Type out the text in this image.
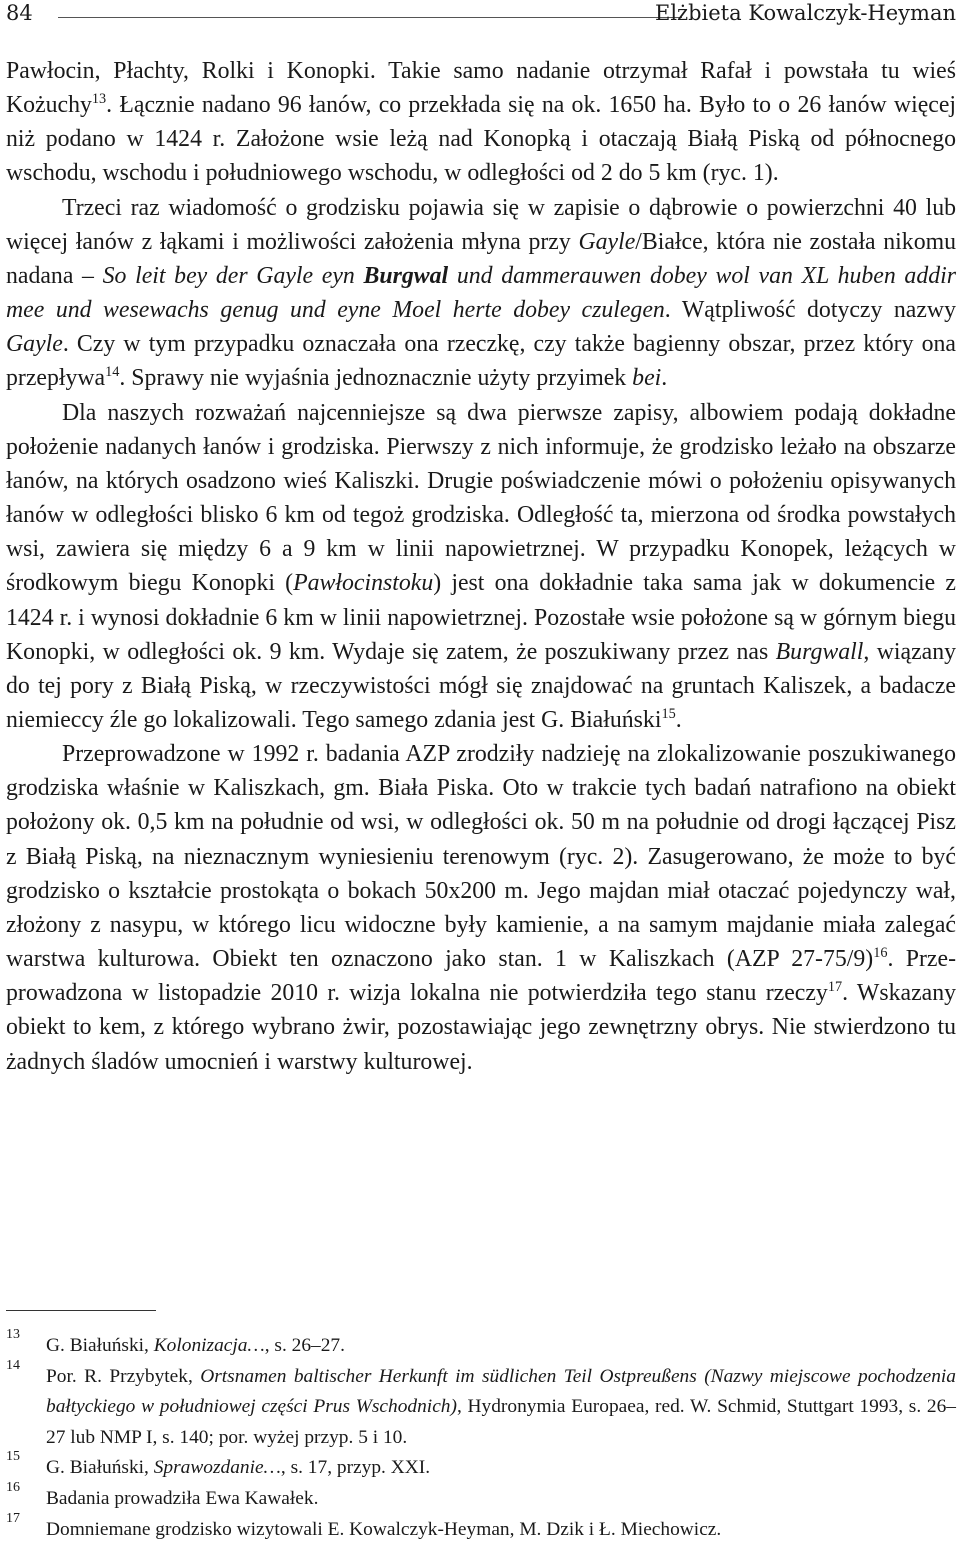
84	Elżbieta Kowalczyk-Heyman

Pawłocin, Płachty, Rolki i Konopki. Takie samo nadanie otrzymał Rafał i powstała tu wieś Kożuchy$^{13}$. Łącznie nadano 96 łanów, co przekłada się na ok. 1650 ha. Było to o 26 łanów więcej niż podano w 1424 r. Założone wsie leżą nad Konopką i otaczają Białą Piską od północnego wschodu, wschodu i południowego wschodu, w odległości od 2 do 5 km (ryc. 1).

Trzeci raz wiadomość o grodzisku pojawia się w zapisie o dąbrowie o powierzchni 40 lub więcej łanów z łąkami i możliwości założenia młyna przy Gayle/Białce, która nie została nikomu nadana – So leit bey der Gayle eyn Burgwal und dammerauwen dobey wol van XL huben addir mee und wesewachs genug und eyne Moel herte dobey czulegen. Wątpliwość dotyczy nazwy Gayle. Czy w tym przypadku oznaczała ona rzeczkę, czy także bagienny obszar, przez który ona przepływa$^{14}$. Sprawy nie wyjaśnia jednoznacznie użyty przyimek bei.

Dla naszych rozważań najcenniejsze są dwa pierwsze zapisy, albowiem podają dokładne położenie nadanych łanów i grodziska. Pierwszy z nich informuje, że grodzisko leżało na obszarze łanów, na których osadzono wieś Kaliszki. Drugie poświadczenie mówi o położeniu opisywanych łanów w odległości blisko 6 km od tegoż grodziska. Odległość ta, mierzona od środka powstałych wsi, zawiera się między 6 a 9 km w linii napowietrznej. W przypadku Konopek, leżących w środkowym biegu Konopki (Pawłocinstoku) jest ona dokładnie taka sama jak w dokumencie z 1424 r. i wynosi dokładnie 6 km w linii napowietrznej. Pozostałe wsie położone są w górnym biegu Konopki, w odległości ok. 9 km. Wydaje się zatem, że poszukiwany przez nas Burgwall, wiązany do tej pory z Białą Piską, w rzeczywistości mógł się znajdować na gruntach Kaliszek, a badacze niemieccy źle go lokalizowali. Tego samego zdania jest G. Białuński$^{15}$.

Przeprowadzone w 1992 r. badania AZP zrodziły nadzieję na zlokalizowanie poszukiwanego grodziska właśnie w Kaliszkach, gm. Biała Piska. Oto w trakcie tych badań natrafiono na obiekt położony ok. 0,5 km na południe od wsi, w odległości ok. 50 m na południe od drogi łączącej Pisz z Białą Piską, na nieznacznym wyniesieniu terenowym (ryc. 2). Zasugerowano, że może to być grodzisko o kształcie prostokąta o bokach 50x200 m. Jego majdan miał otaczać pojedynczy wał, złożony z nasypu, w którego licu widoczne były kamienie, a na samym majdanie miała zalegać warstwa kulturowa. Obiekt ten oznaczono jako stan. 1 w Kaliszkach (AZP 27-75/9)$^{16}$. Przeprowadzona w listopadzie 2010 r. wizja lokalna nie potwierdziła tego stanu rzeczy$^{17}$. Wskazany obiekt to kem, z którego wybrano żwir, pozostawiając jego zewnętrzny obrys. Nie stwierdzono tu żadnych śladów umocnień i warstwy kulturowej.

13
G. Białuński, Kolonizacja…, s. 26–27.
14
Por. R. Przybytek, Ortsnamen baltischer Herkunft im südlichen Teil Ostpreußens (Nazwy miejscowe pochodzenia bałtyckiego w południowej części Prus Wschodnich), Hydronymia Europaea, red. W. Schmid, Stuttgart 1993, s. 26–27 lub NMP I, s. 140; por. wyżej przyp. 5 i 10.
15
G. Białuński, Sprawozdanie…, s. 17, przyp. XXI.
16
Badania prowadziła Ewa Kawałek.
17
Domniemane grodzisko wizytowali E. Kowalczyk-Heyman, M. Dzik i Ł. Miechowicz.
